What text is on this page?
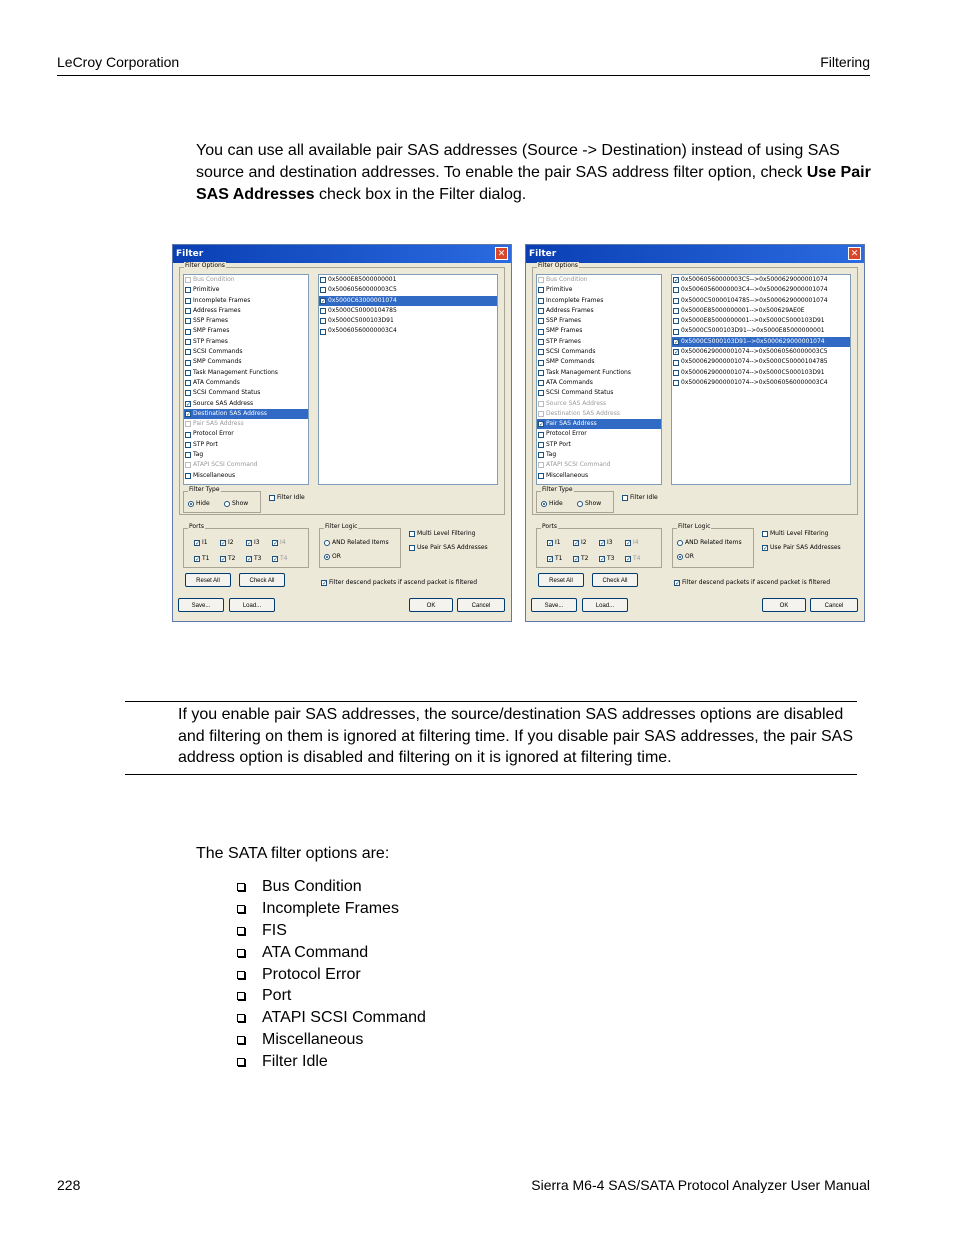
LeCroy Corporation	Filtering
You can use all available pair SAS addresses (Source -> Destination) instead of using SAS source and destination addresses. To enable the pair SAS address filter option, check Use Pair SAS Addresses check box in the Filter dialog.
Filter	✕
Filter Options
Bus Condition
Primitive
Incomplete Frames
Address Frames
SSP Frames
SMP Frames
STP Frames
SCSI Commands
SMP Commands
Task Management Functions
ATA Commands
SCSI Command Status
✓ Source SAS Address
✓ Destination SAS Address
Pair SAS Address
Protocol Error
STP Port
Tag
ATAPI SCSI Command
Miscellaneous
0x5000E85000000001
0x50060560000003C5
✓ 0x5000C63000001074
0x5000C50000104785
0x5000C5000103D91
0x50060560000003C4
Filter Type
Hide	Show
Filter Idle
Ports
✓ I1 ✓ I2 ✓ I3 ✓ I4
✓ T1 ✓ T2 ✓ T3 ✓ T4
Reset All	Check All
Filter Logic
AND Related Items
OR
Multi Level Filtering
Use Pair SAS Addresses
✓ Filter descend packets if ascend packet is filtered
Save...	Load...	OK	Cancel
Filter	✕
Filter Options
Bus Condition
Primitive
Incomplete Frames
Address Frames
SSP Frames
SMP Frames
STP Frames
SCSI Commands
SMP Commands
Task Management Functions
ATA Commands
SCSI Command Status
Source SAS Address
Destination SAS Address
✓ Pair SAS Address
Protocol Error
STP Port
Tag
ATAPI SCSI Command
Miscellaneous
✓ 0x50060560000003C5-->0x5000629000001074
0x50060560000003C4-->0x5000629000001074
0x5000C50000104785-->0x5000629000001074
0x5000E85000000001-->0x500629AE0E
0x5000E85000000001-->0x5000C5000103D91
0x5000C5000103D91-->0x5000E85000000001
✓ 0x5000C5000103D91-->0x5000629000001074
✓ 0x5000629000001074-->0x50060560000003C5
0x5000629000001074-->0x5000C50000104785
0x5000629000001074-->0x5000C5000103D91
0x5000629000001074-->0x50060560000003C4
Filter Type
Hide	Show
Filter Idle
Ports
✓ I1 ✓ I2 ✓ I3 ✓ I4
✓ T1 ✓ T2 ✓ T3 ✓ T4
Reset All	Check All
Filter Logic
AND Related Items
OR
Multi Level Filtering
✓ Use Pair SAS Addresses
✓ Filter descend packets if ascend packet is filtered
Save...	Load...	OK	Cancel
If you enable pair SAS addresses, the source/destination SAS addresses options are disabled and filtering on them is ignored at filtering time. If you disable pair SAS addresses, the pair SAS address option is disabled and filtering on it is ignored at filtering time.
The SATA filter options are:
Bus Condition
Incomplete Frames
FIS
ATA Command
Protocol Error
Port
ATAPI SCSI Command
Miscellaneous
Filter Idle
228	Sierra M6-4 SAS/SATA Protocol Analyzer User Manual
